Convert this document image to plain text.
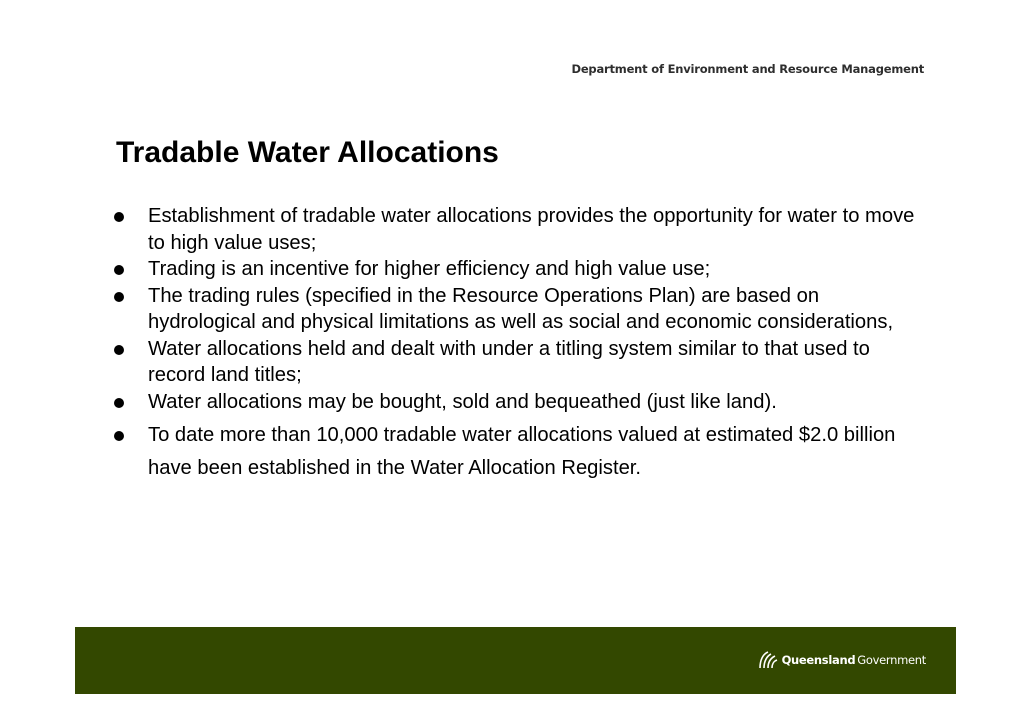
Department of Environment and Resource Management
Tradable Water Allocations
Establishment of tradable water allocations provides the opportunity for water to move to high value uses;
Trading is an incentive for higher efficiency and high value use;
The trading rules (specified in the Resource Operations Plan) are based on hydrological and physical limitations as well as social and economic considerations,
Water allocations held and dealt with under a titling system similar to that used to record land titles;
Water allocations may be bought, sold and bequeathed (just like land).
To date more than 10,000 tradable water allocations valued at estimated $2.0 billion have been established in the Water Allocation Register.
Queensland Government
